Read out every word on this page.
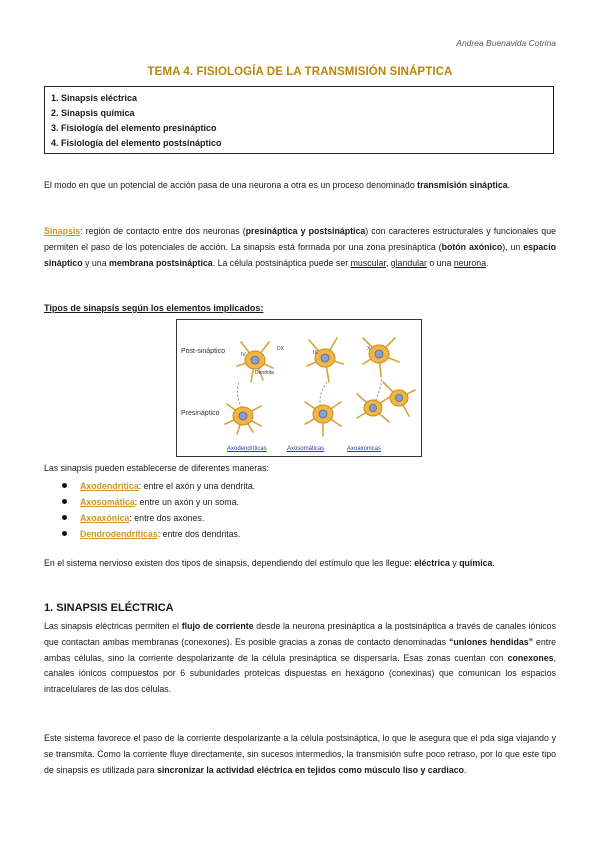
Andrea Buenavida Cotrina
TEMA 4. FISIOLOGÍA DE LA TRANSMISIÓN SINÁPTICA
1. Sinapsis eléctrica
2. Sinapsis química
3. Fisiología del elemento presináptico
4. Fisiología del elemento postsináptico

El modo en que un potencial de acción pasa de una neurona a otra es un proceso denominado transmisión sináptica.

Sinapsis: región de contacto entre dos neuronas (presináptica y postsináptica) con caracteres estructurales y funcionales que permiten el paso de los potenciales de acción. La sinapsis está formada por una zona presináptica (botón axónico), un espacio sináptico y una membrana postsináptica. La célula postsináptica puede ser muscular, glandular o una neurona.

Tipos de sinapsis según los elementos implicados:
Post-sináptico
Presináptico
Dendrita
IV	IX
X
DX
Axodendríticas	Axosomáticas	Axoaxonicas

Las sinapsis pueden establecerse de diferentes maneras:

Axodendrítica: entre el axón y una dendrita.
Axosomática: entre un axón y un soma.
Axoaxónica: entre dos axones.
Dendrodendríticas: entre dos dendritas.

En el sistema nervioso existen dos tipos de sinapsis, dependiendo del estímulo que les llegue: eléctrica y química.

1. SINAPSIS ELÉCTRICA

Las sinapsis eléctricas permiten el flujo de corriente desde la neurona presináptica a la postsináptica a través de canales iónicos que contactan ambas membranas (conexones). Es posible gracias a zonas de contacto denominadas “uniones hendidas” entre ambas células, sino la corriente despolarizante de la célula presináptica se dispersaría. Esas zonas cuentan con conexones, canales iónicos compuestos por 6 subunidades proteicas dispuestas en hexágono (conexinas) que comunican los espacios intracelulares de las dos células.

Este sistema favorece el paso de la corriente despolarizante a la célula postsináptica, lo que le asegura que el pda siga viajando y se transmita. Como la corriente fluye directamente, sin sucesos intermedios, la transmisión sufre poco retraso, por lo que este tipo de sinapsis es utilizada para sincronizar la actividad eléctrica en tejidos como músculo liso y cardiaco.
